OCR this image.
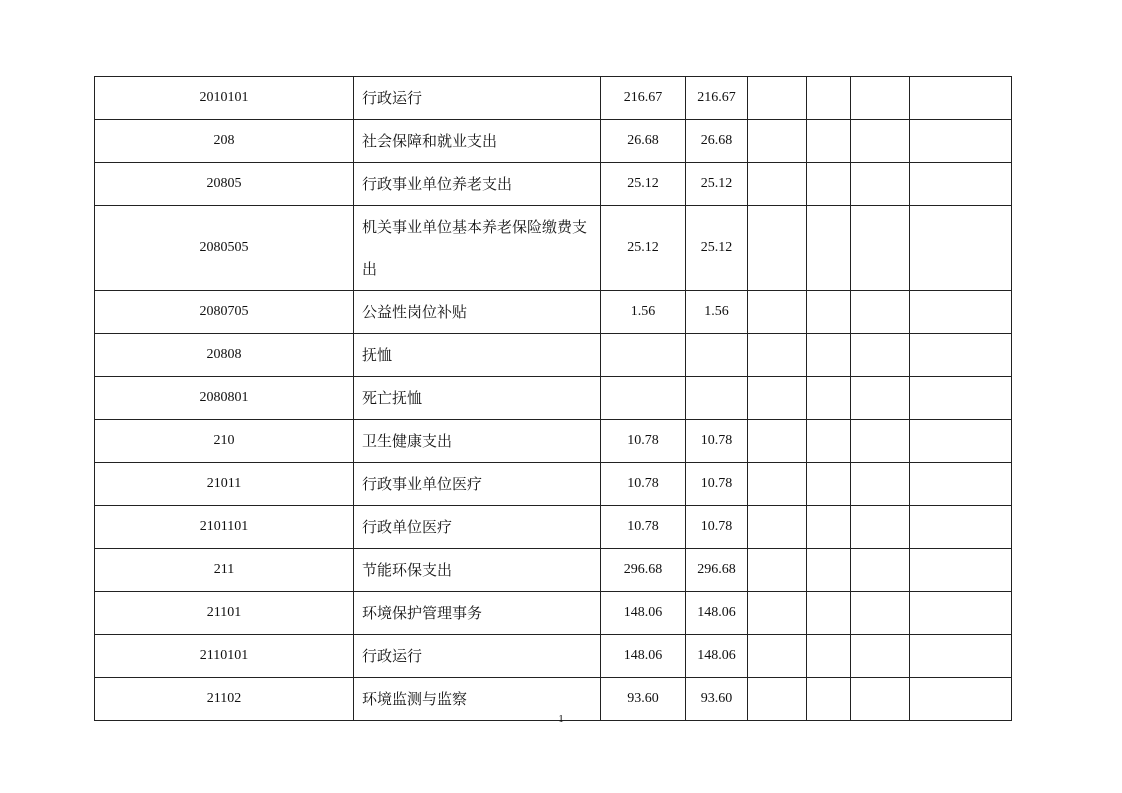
2010101	行政运行	216.67	216.67				
208	社会保障和就业支出	26.68	26.68				
20805	行政事业单位养老支出	25.12	25.12				
2080505	机关事业单位基本养老保险缴费支出	25.12	25.12				
2080705	公益性岗位补贴	1.56	1.56				
20808	抚恤						
2080801	死亡抚恤						
210	卫生健康支出	10.78	10.78				
21011	行政事业单位医疗	10.78	10.78				
2101101	行政单位医疗	10.78	10.78				
211	节能环保支出	296.68	296.68				
21101	环境保护管理事务	148.06	148.06				
2110101	行政运行	148.06	148.06				
21102	环境监测与监察	93.60	93.60				
1
